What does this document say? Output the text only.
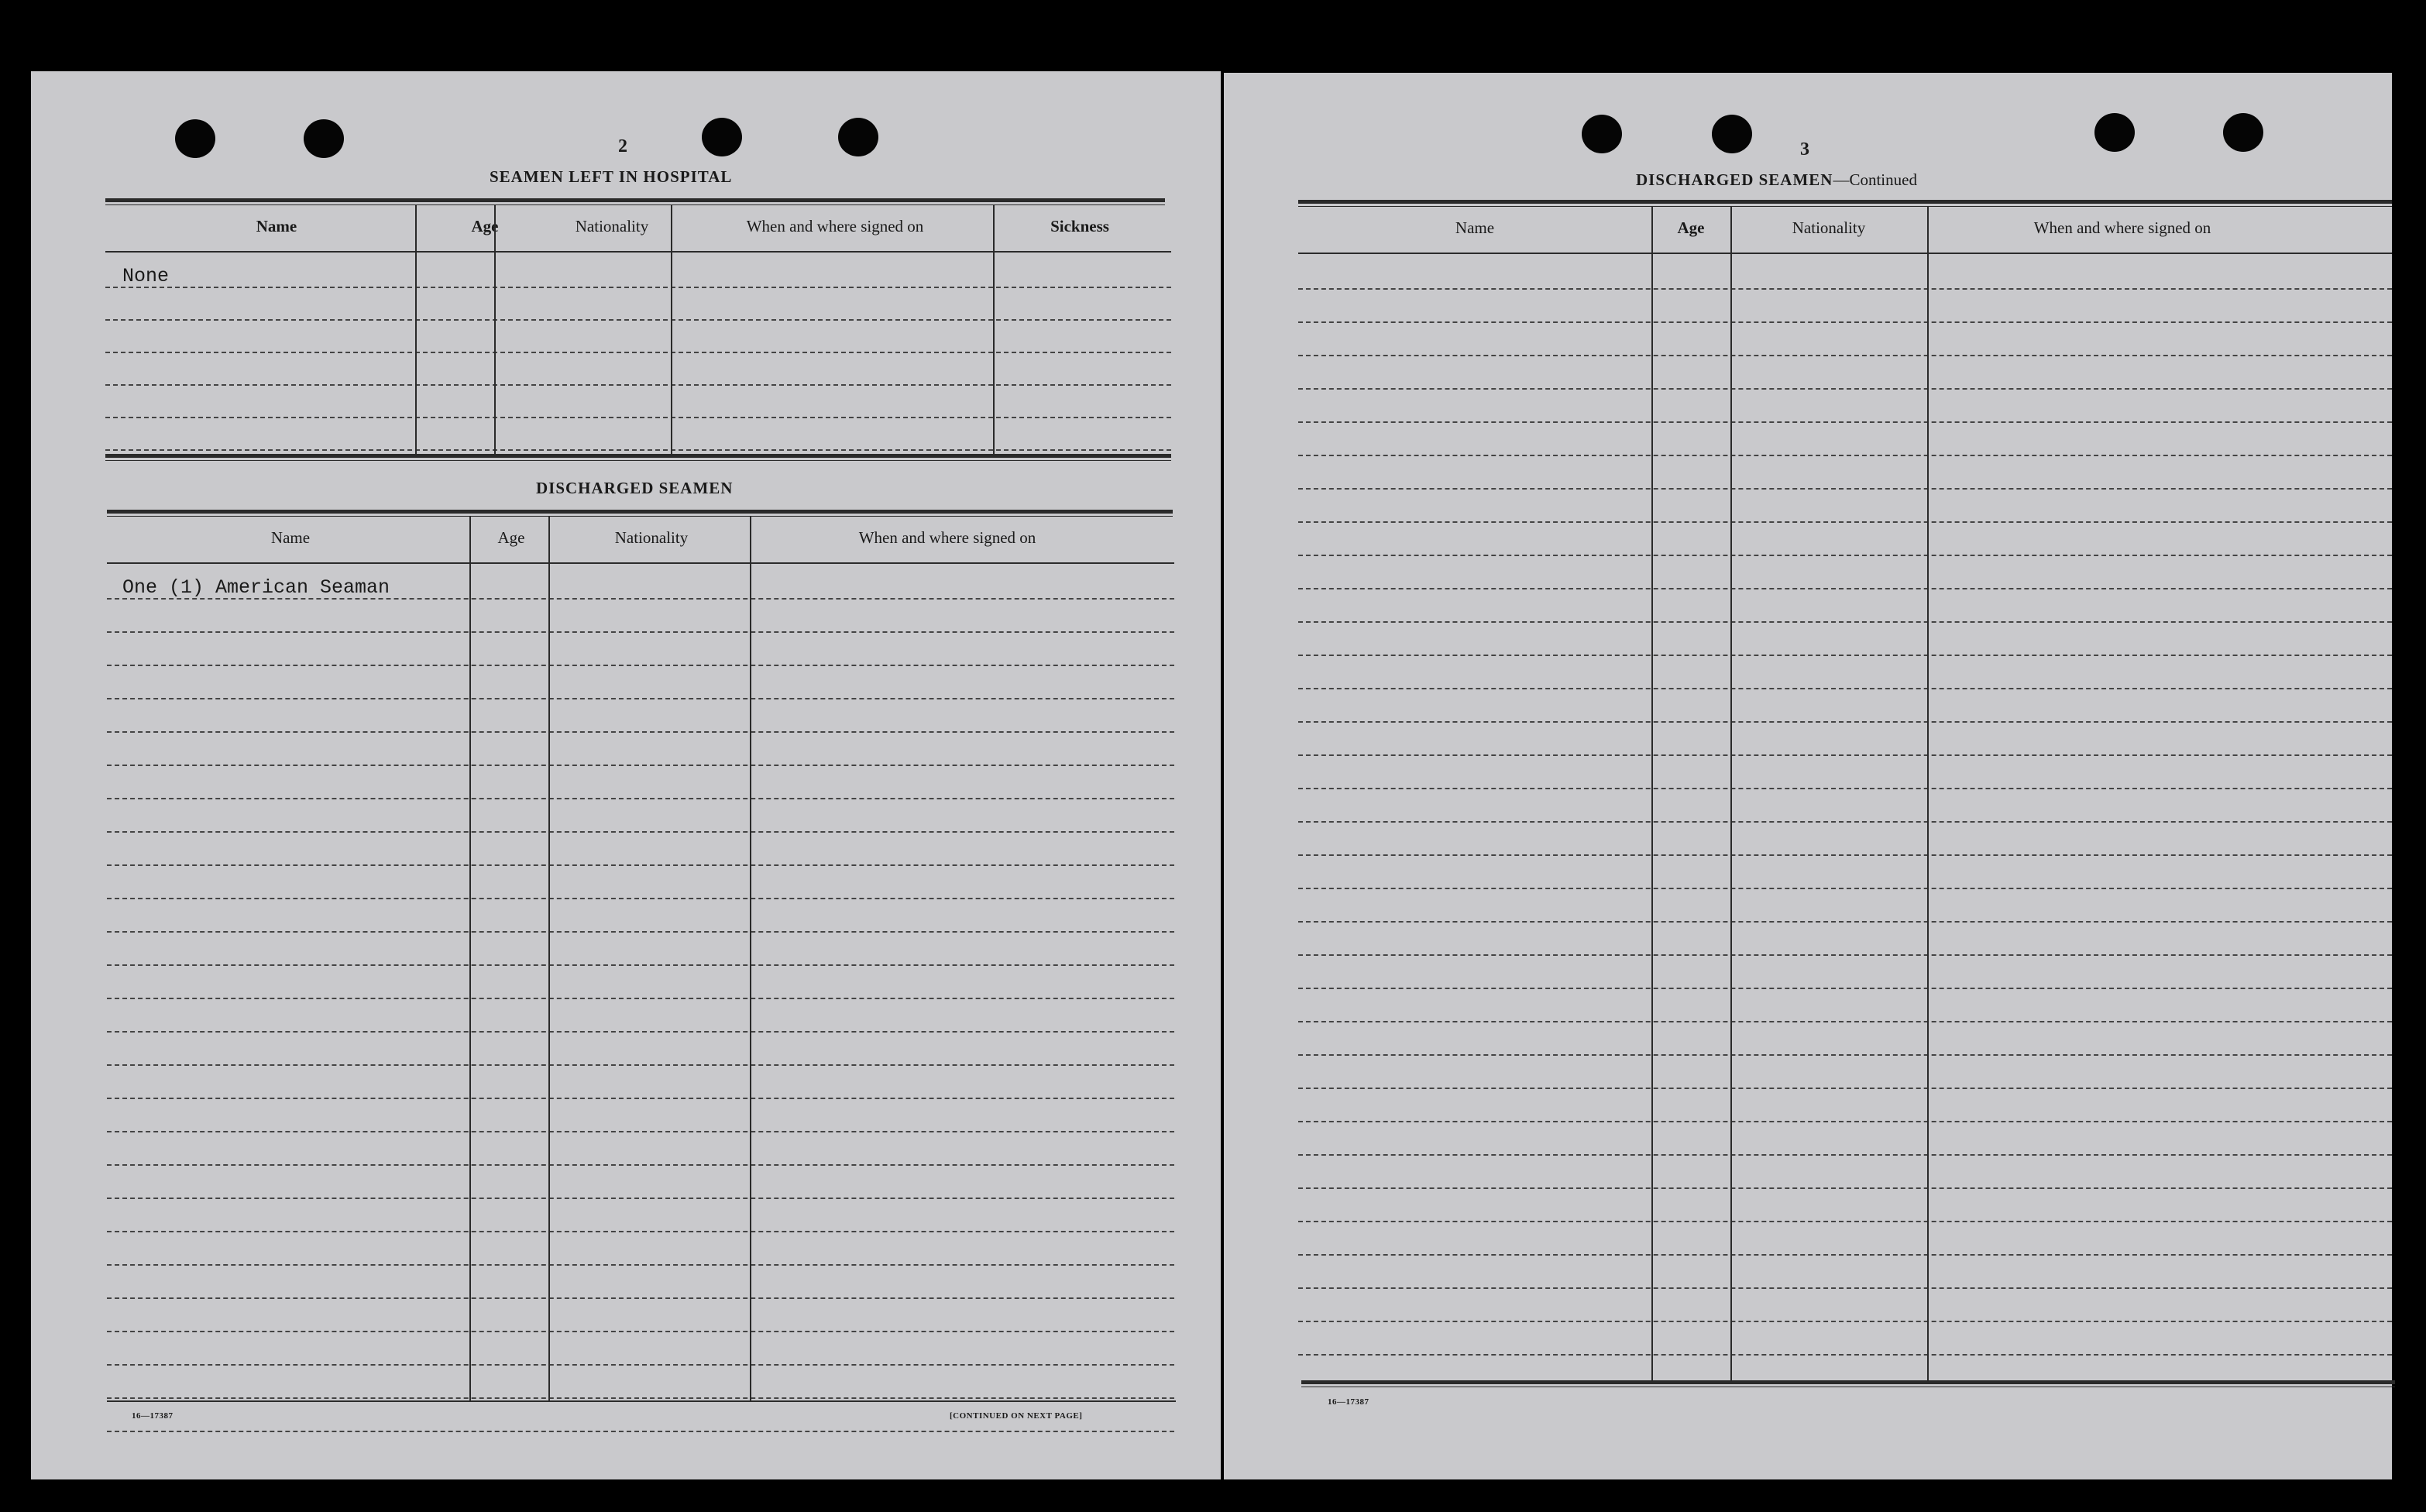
2
SEAMEN LEFT IN HOSPITAL
Name	Age	Nationality	When and where signed on	Sickness
None
DISCHARGED SEAMEN
Name	Age	Nationality	When and where signed on
One (1) American Seaman
16—17387	[CONTINUED ON NEXT PAGE]
3
DISCHARGED SEAMEN—Continued
Name	Age	Nationality	When and where signed on
16—17387
